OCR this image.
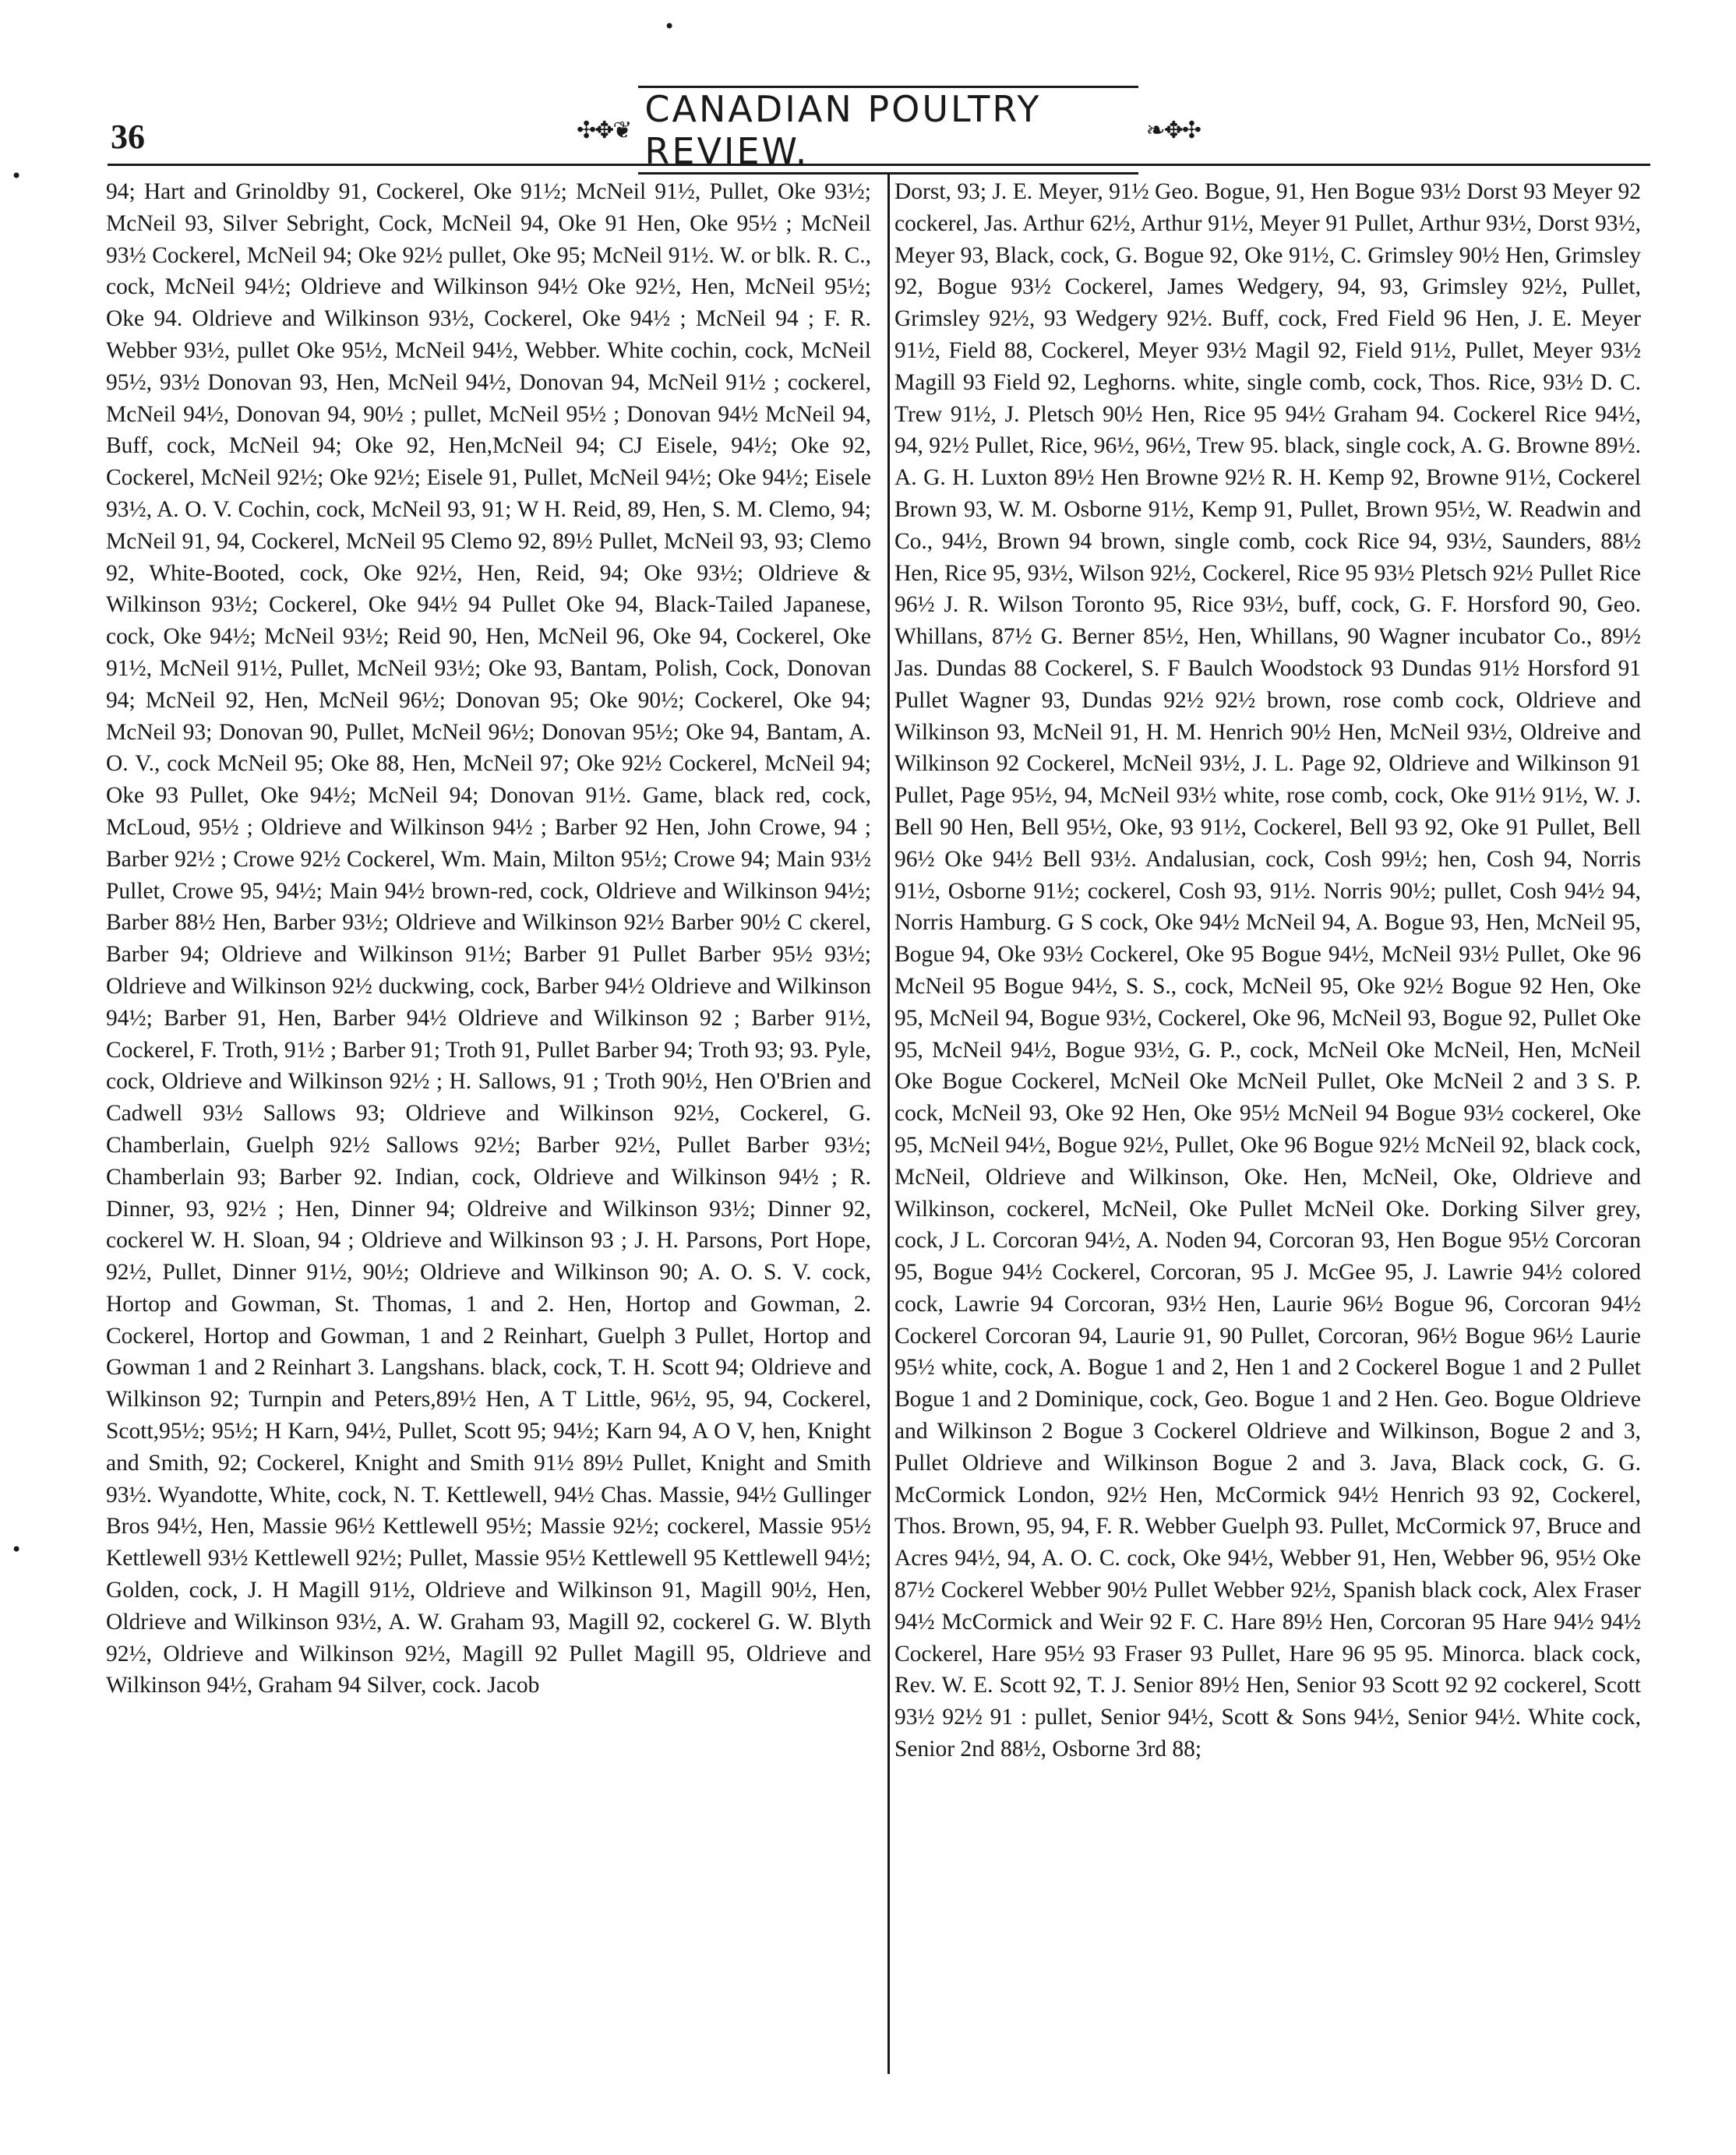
•
•
•
36	✣✥❦ CANADIAN POULTRY REVIEW.	❧✥✣

94; Hart and Grinoldby 91, Cockerel, Oke 91½; McNeil 91½, Pullet, Oke 93½; McNeil 93, Silver Sebright, Cock, McNeil 94, Oke 91 Hen, Oke 95½ ; McNeil 93½ Cockerel, McNeil 94; Oke 92½ pullet, Oke 95; McNeil 91½. W. or blk. R. C., cock, McNeil 94½; Oldrieve and Wilkinson 94½ Oke 92½, Hen, McNeil 95½; Oke 94. Oldrieve and Wilkinson 93½, Cockerel, Oke 94½ ; McNeil 94 ; F. R. Webber 93½, pullet Oke 95½, McNeil 94½, Webber. White cochin, cock, McNeil 95½, 93½ Donovan 93, Hen, McNeil 94½, Donovan 94, McNeil 91½ ; cockerel, McNeil 94½, Donovan 94, 90½ ; pullet, McNeil 95½ ; Donovan 94½ McNeil 94, Buff, cock, McNeil 94; Oke 92, Hen,McNeil 94; CJ Eisele, 94½; Oke 92, Cockerel, McNeil 92½; Oke 92½; Eisele 91, Pullet, McNeil 94½; Oke 94½; Eisele 93½, A. O. V. Cochin, cock, McNeil 93, 91; W H. Reid, 89, Hen, S. M. Clemo, 94; McNeil 91, 94, Cockerel, McNeil 95 Clemo 92, 89½ Pullet, McNeil 93, 93; Clemo 92, White-Booted, cock, Oke 92½, Hen, Reid, 94; Oke 93½; Oldrieve & Wilkinson 93½; Cockerel, Oke 94½ 94 Pullet Oke 94, Black-Tailed Japanese, cock, Oke 94½; McNeil 93½; Reid 90, Hen, McNeil 96, Oke 94, Cockerel, Oke 91½, McNeil 91½, Pullet, McNeil 93½; Oke 93, Bantam, Polish, Cock, Donovan 94; McNeil 92, Hen, McNeil 96½; Donovan 95; Oke 90½; Cockerel, Oke 94; McNeil 93; Donovan 90, Pullet, McNeil 96½; Donovan 95½; Oke 94, Bantam, A. O. V., cock McNeil 95; Oke 88, Hen, McNeil 97; Oke 92½ Cockerel, McNeil 94; Oke 93 Pullet, Oke 94½; McNeil 94; Donovan 91½. Game, black red, cock, McLoud, 95½ ; Oldrieve and Wilkinson 94½ ; Barber 92 Hen, John Crowe, 94 ; Barber 92½ ; Crowe 92½ Cockerel, Wm. Main, Milton 95½; Crowe 94; Main 93½ Pullet, Crowe 95, 94½; Main 94½ brown-red, cock, Oldrieve and Wilkinson 94½; Barber 88½ Hen, Barber 93½; Oldrieve and Wilkinson 92½ Barber 90½ C ckerel, Barber 94; Oldrieve and Wilkinson 91½; Barber 91 Pullet Barber 95½ 93½; Oldrieve and Wilkinson 92½ duckwing, cock, Barber 94½ Oldrieve and Wilkinson 94½; Barber 91, Hen, Barber 94½ Oldrieve and Wilkinson 92 ; Barber 91½, Cockerel, F. Troth, 91½ ; Barber 91; Troth 91, Pullet Barber 94; Troth 93; 93. Pyle, cock, Oldrieve and Wilkinson 92½ ; H. Sallows, 91 ; Troth 90½, Hen O'Brien and Cadwell 93½ Sallows 93; Oldrieve and Wilkinson 92½, Cockerel, G. Chamberlain, Guelph 92½ Sallows 92½; Barber 92½, Pullet Barber 93½; Chamberlain 93; Barber 92. Indian, cock, Oldrieve and Wilkinson 94½ ; R. Dinner, 93, 92½ ; Hen, Dinner 94; Oldreive and Wilkinson 93½; Dinner 92, cockerel W. H. Sloan, 94 ; Oldrieve and Wilkinson 93 ; J. H. Parsons, Port Hope, 92½, Pullet, Dinner 91½, 90½; Oldrieve and Wilkinson 90; A. O. S. V. cock, Hortop and Gowman, St. Thomas, 1 and 2. Hen, Hortop and Gowman, 2. Cockerel, Hortop and Gowman, 1 and 2 Reinhart, Guelph 3 Pullet, Hortop and Gowman 1 and 2 Reinhart 3. Langshans. black, cock, T. H. Scott 94; Oldrieve and Wilkinson 92; Turnpin and Peters,89½ Hen, A T Little, 96½, 95, 94, Cockerel, Scott,95½; 95½; H Karn, 94½, Pullet, Scott 95; 94½; Karn 94, A O V, hen, Knight and Smith, 92; Cockerel, Knight and Smith 91½ 89½ Pullet, Knight and Smith 93½. Wyandotte, White, cock, N. T. Kettlewell, 94½ Chas. Massie, 94½ Gullinger Bros 94½, Hen, Massie 96½ Kettlewell 95½; Massie 92½; cockerel, Massie 95½ Kettlewell 93½ Kettlewell 92½; Pullet, Massie 95½ Kettlewell 95 Kettlewell 94½; Golden, cock, J. H Magill 91½, Oldrieve and Wilkinson 91, Magill 90½, Hen, Oldrieve and Wilkinson 93½, A. W. Graham 93, Magill 92, cockerel G. W. Blyth 92½, Oldrieve and Wilkinson 92½, Magill 92 Pullet Magill 95, Oldrieve and Wilkinson 94½, Graham 94 Silver, cock. Jacob

Dorst, 93; J. E. Meyer, 91½ Geo. Bogue, 91, Hen Bogue 93½ Dorst 93 Meyer 92 cockerel, Jas. Arthur 62½, Arthur 91½, Meyer 91 Pullet, Arthur 93½, Dorst 93½, Meyer 93, Black, cock, G. Bogue 92, Oke 91½, C. Grimsley 90½ Hen, Grimsley 92, Bogue 93½ Cockerel, James Wedgery, 94, 93, Grimsley 92½, Pullet, Grimsley 92½, 93 Wedgery 92½. Buff, cock, Fred Field 96 Hen, J. E. Meyer 91½, Field 88, Cockerel, Meyer 93½ Magil 92, Field 91½, Pullet, Meyer 93½ Magill 93 Field 92, Leghorns. white, single comb, cock, Thos. Rice, 93½ D. C. Trew 91½, J. Pletsch 90½ Hen, Rice 95 94½ Graham 94. Cockerel Rice 94½, 94, 92½ Pullet, Rice, 96½, 96½, Trew 95. black, single cock, A. G. Browne 89½. A. G. H. Luxton 89½ Hen Browne 92½ R. H. Kemp 92, Browne 91½, Cockerel Brown 93, W. M. Osborne 91½, Kemp 91, Pullet, Brown 95½, W. Readwin and Co., 94½, Brown 94 brown, single comb, cock Rice 94, 93½, Saunders, 88½ Hen, Rice 95, 93½, Wilson 92½, Cockerel, Rice 95 93½ Pletsch 92½ Pullet Rice 96½ J. R. Wilson Toronto 95, Rice 93½, buff, cock, G. F. Horsford 90, Geo. Whillans, 87½ G. Berner 85½, Hen, Whillans, 90 Wagner incubator Co., 89½ Jas. Dundas 88 Cockerel, S. F Baulch Woodstock 93 Dundas 91½ Horsford 91 Pullet Wagner 93, Dundas 92½ 92½ brown, rose comb cock, Oldrieve and Wilkinson 93, McNeil 91, H. M. Henrich 90½ Hen, McNeil 93½, Oldreive and Wilkinson 92 Cockerel, McNeil 93½, J. L. Page 92, Oldrieve and Wilkinson 91 Pullet, Page 95½, 94, McNeil 93½ white, rose comb, cock, Oke 91½ 91½, W. J. Bell 90 Hen, Bell 95½, Oke, 93 91½, Cockerel, Bell 93 92, Oke 91 Pullet, Bell 96½ Oke 94½ Bell 93½. Andalusian, cock, Cosh 99½; hen, Cosh 94, Norris 91½, Osborne 91½; cockerel, Cosh 93, 91½. Norris 90½; pullet, Cosh 94½ 94, Norris Hamburg. G S cock, Oke 94½ McNeil 94, A. Bogue 93, Hen, McNeil 95, Bogue 94, Oke 93½ Cockerel, Oke 95 Bogue 94½, McNeil 93½ Pullet, Oke 96 McNeil 95 Bogue 94½, S. S., cock, McNeil 95, Oke 92½ Bogue 92 Hen, Oke 95, McNeil 94, Bogue 93½, Cockerel, Oke 96, McNeil 93, Bogue 92, Pullet Oke 95, McNeil 94½, Bogue 93½, G. P., cock, McNeil Oke McNeil, Hen, McNeil Oke Bogue Cockerel, McNeil Oke McNeil Pullet, Oke McNeil 2 and 3 S. P. cock, McNeil 93, Oke 92 Hen, Oke 95½ McNeil 94 Bogue 93½ cockerel, Oke 95, McNeil 94½, Bogue 92½, Pullet, Oke 96 Bogue 92½ McNeil 92, black cock, McNeil, Oldrieve and Wilkinson, Oke. Hen, McNeil, Oke, Oldrieve and Wilkinson, cockerel, McNeil, Oke Pullet McNeil Oke. Dorking Silver grey, cock, J L. Corcoran 94½, A. Noden 94, Corcoran 93, Hen Bogue 95½ Corcoran 95, Bogue 94½ Cockerel, Corcoran, 95 J. McGee 95, J. Lawrie 94½ colored cock, Lawrie 94 Corcoran, 93½ Hen, Laurie 96½ Bogue 96, Corcoran 94½ Cockerel Corcoran 94, Laurie 91, 90 Pullet, Corcoran, 96½ Bogue 96½ Laurie 95½ white, cock, A. Bogue 1 and 2, Hen 1 and 2 Cockerel Bogue 1 and 2 Pullet Bogue 1 and 2 Dominique, cock, Geo. Bogue 1 and 2 Hen. Geo. Bogue Oldrieve and Wilkinson 2 Bogue 3 Cockerel Oldrieve and Wilkinson, Bogue 2 and 3, Pullet Oldrieve and Wilkinson Bogue 2 and 3. Java, Black cock, G. G. McCormick London, 92½ Hen, McCormick 94½ Henrich 93 92, Cockerel, Thos. Brown, 95, 94, F. R. Webber Guelph 93. Pullet, McCormick 97, Bruce and Acres 94½, 94, A. O. C. cock, Oke 94½, Webber 91, Hen, Webber 96, 95½ Oke 87½ Cockerel Webber 90½ Pullet Webber 92½, Spanish black cock, Alex Fraser 94½ McCormick and Weir 92 F. C. Hare 89½ Hen, Corcoran 95 Hare 94½ 94½ Cockerel, Hare 95½ 93 Fraser 93 Pullet, Hare 96 95 95. Minorca. black cock, Rev. W. E. Scott 92, T. J. Senior 89½ Hen, Senior 93 Scott 92 92 cockerel, Scott 93½ 92½ 91 : pullet, Senior 94½, Scott & Sons 94½, Senior 94½. White cock, Senior 2nd 88½, Osborne 3rd 88;
